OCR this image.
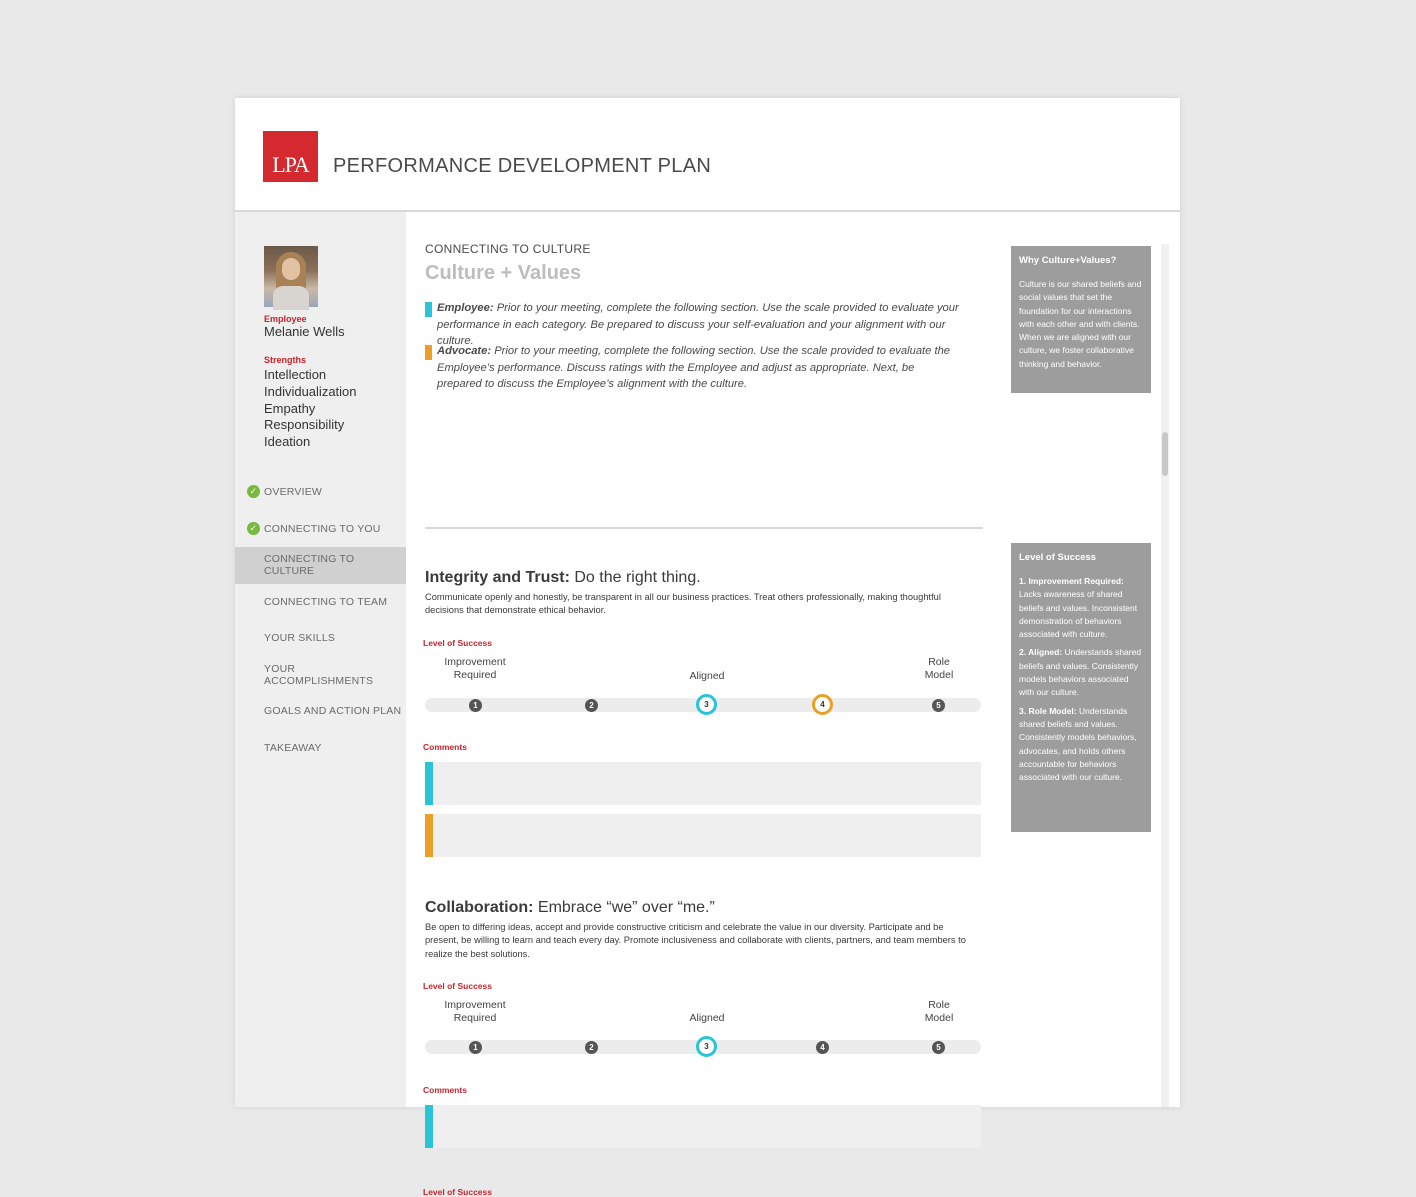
LPA	PERFORMANCE DEVELOPMENT PLAN
Employee
Melanie Wells
Strengths
Intellection
Individualization
Empathy
Responsibility
Ideation
✓ OVERVIEW
✓ CONNECTING TO YOU
CONNECTING TO CULTURE
CONNECTING TO TEAM
YOUR SKILLS
YOUR ACCOMPLISHMENTS
GOALS AND ACTION PLAN
TAKEAWAY
CONNECTING TO CULTURE
Culture + Values

Employee: Prior to your meeting, complete the following section. Use the scale provided to evaluate your performance in each category. Be prepared to discuss your self-evaluation and your alignment with our culture.

Advocate: Prior to your meeting, complete the following section. Use the scale provided to evaluate the Employee’s performance. Discuss ratings with the Employee and adjust as appropriate. Next, be prepared to discuss the Employee’s alignment with the culture.

Integrity and Trust: Do the right thing.
Communicate openly and honestly, be transparent in all our business practices. Treat others professionally, making thoughtful decisions that demonstrate ethical behavior.
Level of Success
Improvement Required	Aligned
Role Model
1	2	3	4	5
Comments
Collaboration: Embrace “we” over “me.”
Be open to differing ideas, accept and provide constructive criticism and celebrate the value in our diversity. Participate and be present, be willing to learn and teach every day. Promote inclusiveness and collaborate with clients, partners, and team members to realize the best solutions.
Level of Success
Improvement Required	Aligned
Role Model
1	2	3	4	5
Comments
Level of Success
Why Culture+Values?

Culture is our shared beliefs and social values that set the foundation for our interactions with each other and with clients. When we are aligned with our culture, we foster collaborative thinking and behavior.

Level of Success

1. Improvement Required: Lacks awareness of shared beliefs and values. Inconsistent demonstration of behaviors associated with culture.

2. Aligned: Understands shared beliefs and values. Consistently models behaviors associated with our culture.

3. Role Model: Understands shared beliefs and values. Consistently models behaviors, advocates, and holds others accountable for behaviors associated with our culture.
